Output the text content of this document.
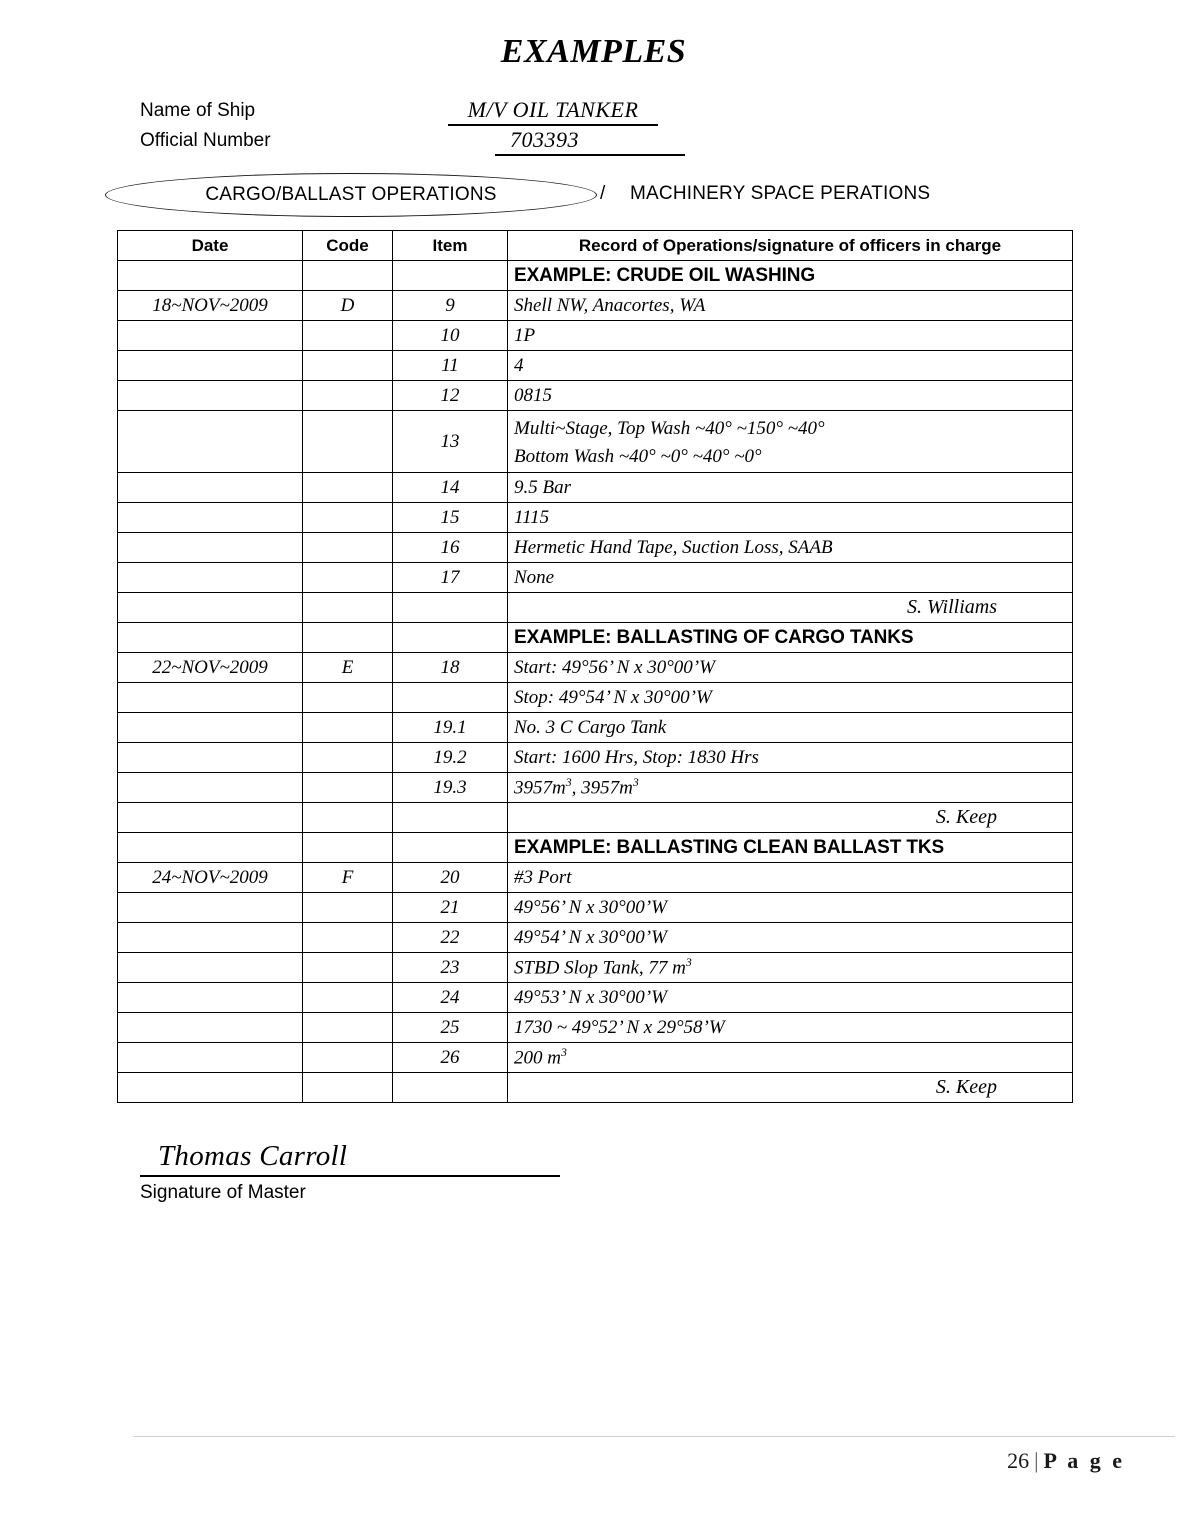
EXAMPLES
Name of Ship	M/V OIL TANKER
Official Number	703393
CARGO/BALLAST OPERATIONS	/ MACHINERY SPACE PERATIONS
Date	Code	Item	Record of Operations/signature of officers in charge
			EXAMPLE: CRUDE OIL WASHING
18~NOV~2009	D	9	Shell NW, Anacortes, WA
		10	1P
		11	4
		12	0815
		13	Multi~Stage, Top Wash ~40° ~150° ~40°
Bottom Wash ~40° ~0° ~40° ~0°

		14	9.5 Bar
		15	1115
		16	Hermetic Hand Tape, Suction Loss, SAAB
		17	None
			S. Williams
			EXAMPLE: BALLASTING OF CARGO TANKS
22~NOV~2009	E	18	Start: 49°56’ N x 30°00’W
			Stop: 49°54’ N x 30°00’W
		19.1	No. 3 C Cargo Tank
		19.2	Start: 1600 Hrs, Stop: 1830 Hrs
		19.3	$3957m^3$, $3957m^3$
			S. Keep
			EXAMPLE: BALLASTING CLEAN BALLAST TKS
24~NOV~2009	F	20	#3 Port
		21	49°56’ N x 30°00’W
		22	49°54’ N x 30°00’W
		23	STBD Slop Tank, 77 $m^3$
		24	49°53’ N x 30°00’W
		25	1730 ~ 49°52’ N x 29°58’W
		26	200 $m^3$
			S. Keep
Thomas Carroll
Signature of Master
26 | P a g e
